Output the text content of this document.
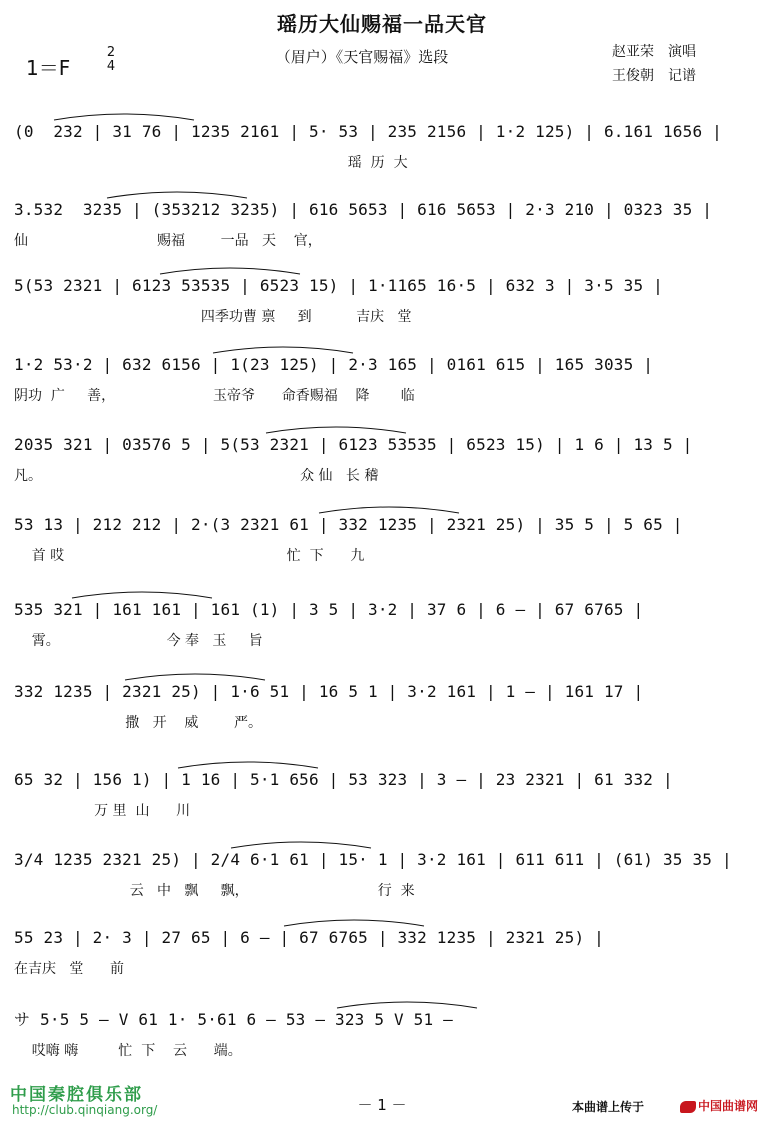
瑶历大仙赐福一品天官
（眉户）《天官赐福》选段	赵亚荣 演唱
王俊朝 记谱
1＝F
2
4
(0  232 | 31 76 | 1235 2161 | 5· 53 | 235 2156 | 1·2 125) | 6.161 1656 |
瑶  历  大
3.532  3235 | (353212 3235) | 616 5653 | 616 5653 | 2·3 210 | 0323 35 |
仙                             赐福        一品   天    官，
5(53 2321 | 6123 53535 | 6523 15) | 1·1165 16·5 | 632 3 | 3·5 35 |
四季功曹 禀     到          吉庆   堂
1·2 53·2 | 632 6156 | 1(23 125) | 2·3 165 | 0161 615 | 165 3035 |
阴功  广     善，                      玉帝爷      命香赐福    降       临
2035 321 | 03576 5 | 5(53 2321 | 6123 53535 | 6523 15) | 1 6 | 13 5 |
凡。                                                          众 仙   长 稽
53 13 | 212 212 | 2·(3 2321 61 | 332 1235 | 2321 25) | 35 5 | 5 65 |
首 哎                                                  忙  下      九
535 321 | 161 161 | 161 (1) | 3 5 | 3·2 | 37 6 | 6 — | 67 6765 |
霄。                        今 奉   玉     旨
332 1235 | 2321 25) | 1·6 51 | 16 5 1 | 3·2 161 | 1 — | 161 17 |
撒   开    威        严。
65 32 | 156 1) | 1 16 | 5·1 656 | 53 323 | 3 — | 23 2321 | 61 332 |
万 里  山      川
3/4 1235 2321 25) | 2/4 6·1 61 | 15· 1 | 3·2 161 | 611 611 | (61) 35 35 |
云   中   飘     飘，                             行  来
55 23 | 2· 3 | 27 65 | 6 — | 67 6765 | 332 1235 | 2321 25) |
在吉庆   堂      前
サ 5·5 5 — V 61 1· 5·61 6 — 53 — 323 5 V 51 —
哎嗨 嗨         忙  下    云      端。
中国秦腔俱乐部
http://club.qinqiang.org/	－ 1 －	本曲谱上传于	中国曲谱网
